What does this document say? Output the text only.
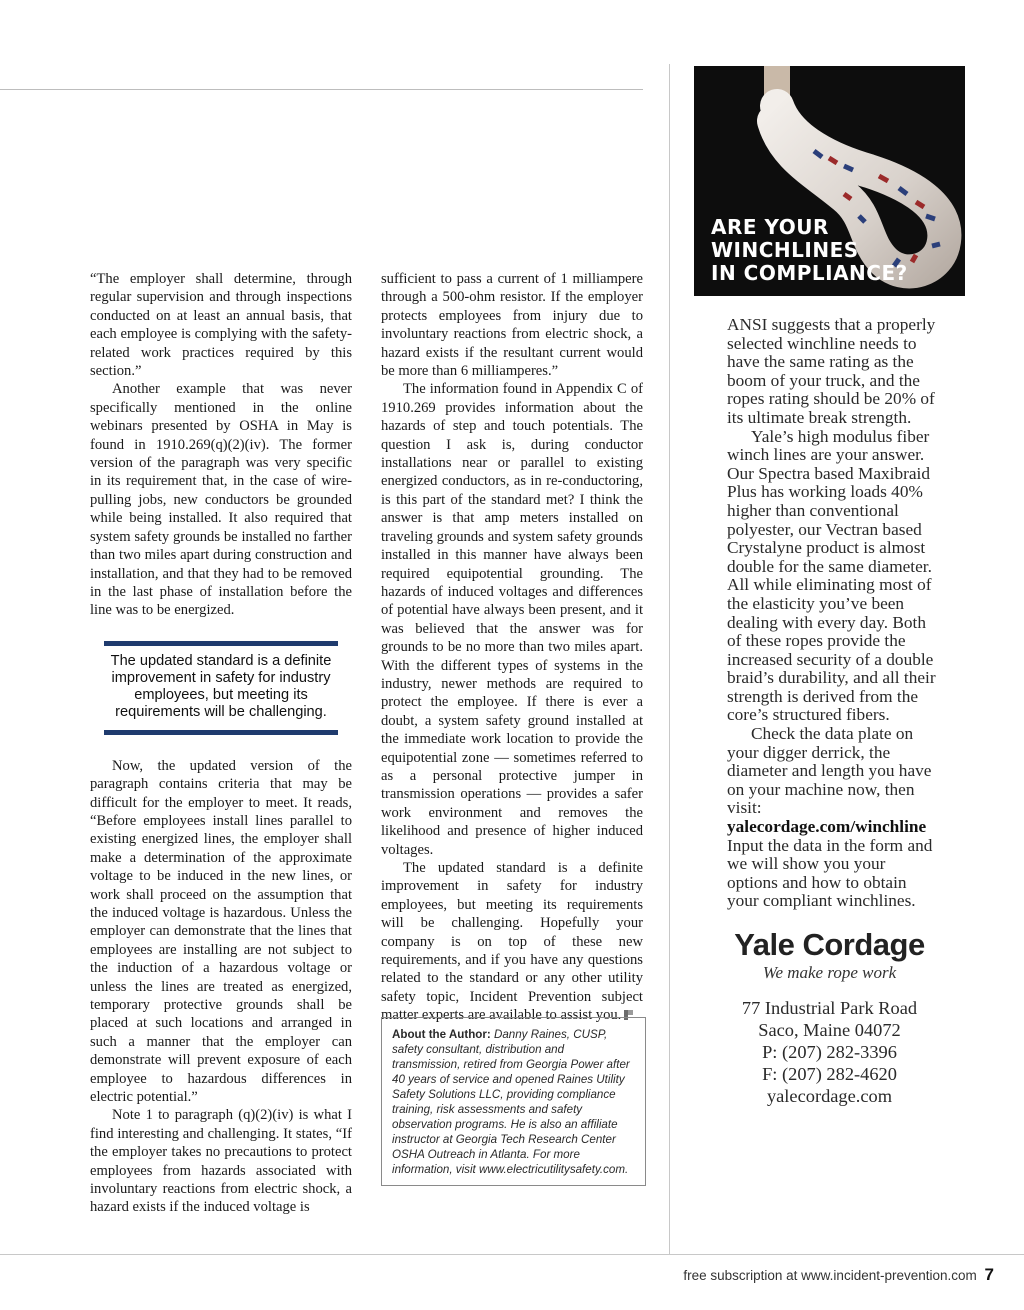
“The employer shall determine, through regular supervision and through inspections conducted on at least an annual basis, that each employee is complying with the safety-related work practices required by this section.”

Another example that was never specifically mentioned in the online webinars presented by OSHA in May is found in 1910.269(q)(2)(iv). The former version of the paragraph was very specific in its requirement that, in the case of wire-pulling jobs, new conductors be grounded while being installed. It also required that system safety grounds be installed no farther than two miles apart during construction and installation, and that they had to be removed in the last phase of installation before the line was to be energized.

The updated standard is a definite improvement in safety for industry employees, but meeting its requirements will be challenging.

Now, the updated version of the paragraph contains criteria that may be difficult for the employer to meet. It reads, “Before employees install lines parallel to existing energized lines, the employer shall make a determination of the approximate voltage to be induced in the new lines, or work shall proceed on the assumption that the induced voltage is hazardous. Unless the employer can demonstrate that the lines that employees are installing are not subject to the induction of a hazardous voltage or unless the lines are treated as energized, temporary protective grounds shall be placed at such locations and arranged in such a manner that the employer can demonstrate will prevent exposure of each employee to hazardous differences in electric potential.”

Note 1 to paragraph (q)(2)(iv) is what I find interesting and challenging. It states, “If the employer takes no precautions to protect employees from hazards associated with involuntary reactions from electric shock, a hazard exists if the induced voltage is

sufficient to pass a current of 1 milliampere through a 500-ohm resistor. If the employer protects employees from injury due to involuntary reactions from electric shock, a hazard exists if the resultant current would be more than 6 milliamperes.”

The information found in Appendix C of 1910.269 provides information about the hazards of step and touch potentials. The question I ask is, during conductor installations near or parallel to existing energized conductors, as in re-conductoring, is this part of the standard met? I think the answer is that amp meters installed on traveling grounds and system safety grounds installed in this manner have always been required equipotential grounding. The hazards of induced voltages and differences of potential have always been present, and it was believed that the answer was for grounds to be no more than two miles apart. With the different types of systems in the industry, newer methods are required to protect the employee. If there is ever a doubt, a system safety ground installed at the immediate work location to provide the equipotential zone — sometimes referred to as a personal protective jumper in transmission operations — provides a safer work environment and removes the likelihood and presence of higher induced voltages.

The updated standard is a definite improvement in safety for industry employees, but meeting its requirements will be challenging. Hopefully your company is on top of these new requirements, and if you have any questions related to the standard or any other utility safety topic, Incident Prevention subject matter experts are available to assist you.

About the Author: Danny Raines, CUSP, safety consultant, distribution and transmission, retired from Georgia Power after 40 years of service and opened Raines Utility Safety Solutions LLC, providing compliance training, risk assessments and safety observation programs. He is also an affiliate instructor at Georgia Tech Research Center OSHA Outreach in Atlanta. For more information, visit www.electricutilitysafety.com.
ARE YOUR
WINCHLINES
IN COMPLIANCE?

ANSI suggests that a properly selected winchline needs to have the same rating as the boom of your truck, and the ropes rating should be 20% of its ultimate break strength.

Yale’s high modulus fiber winch lines are your answer. Our Spectra based Maxibraid Plus has working loads 40% higher than conventional polyester, our Vectran based Crystalyne product is almost double for the same diameter. All while eliminating most of the elasticity you’ve been dealing with every day. Both of these ropes provide the increased security of a double braid’s durability, and all their strength is derived from the core’s structured fibers.

Check the data plate on your digger derrick, the diameter and length you have on your machine now, then visit:

yalecordage.com/winchline

Input the data in the form and we will show you your options and how to obtain your compliant winchlines.

Yale Cordage
We make rope work
77 Industrial Park Road
Saco, Maine 04072
P: (207) 282-3396
F: (207) 282-4620
yalecordage.com
free subscription at www.incident-prevention.com 7
